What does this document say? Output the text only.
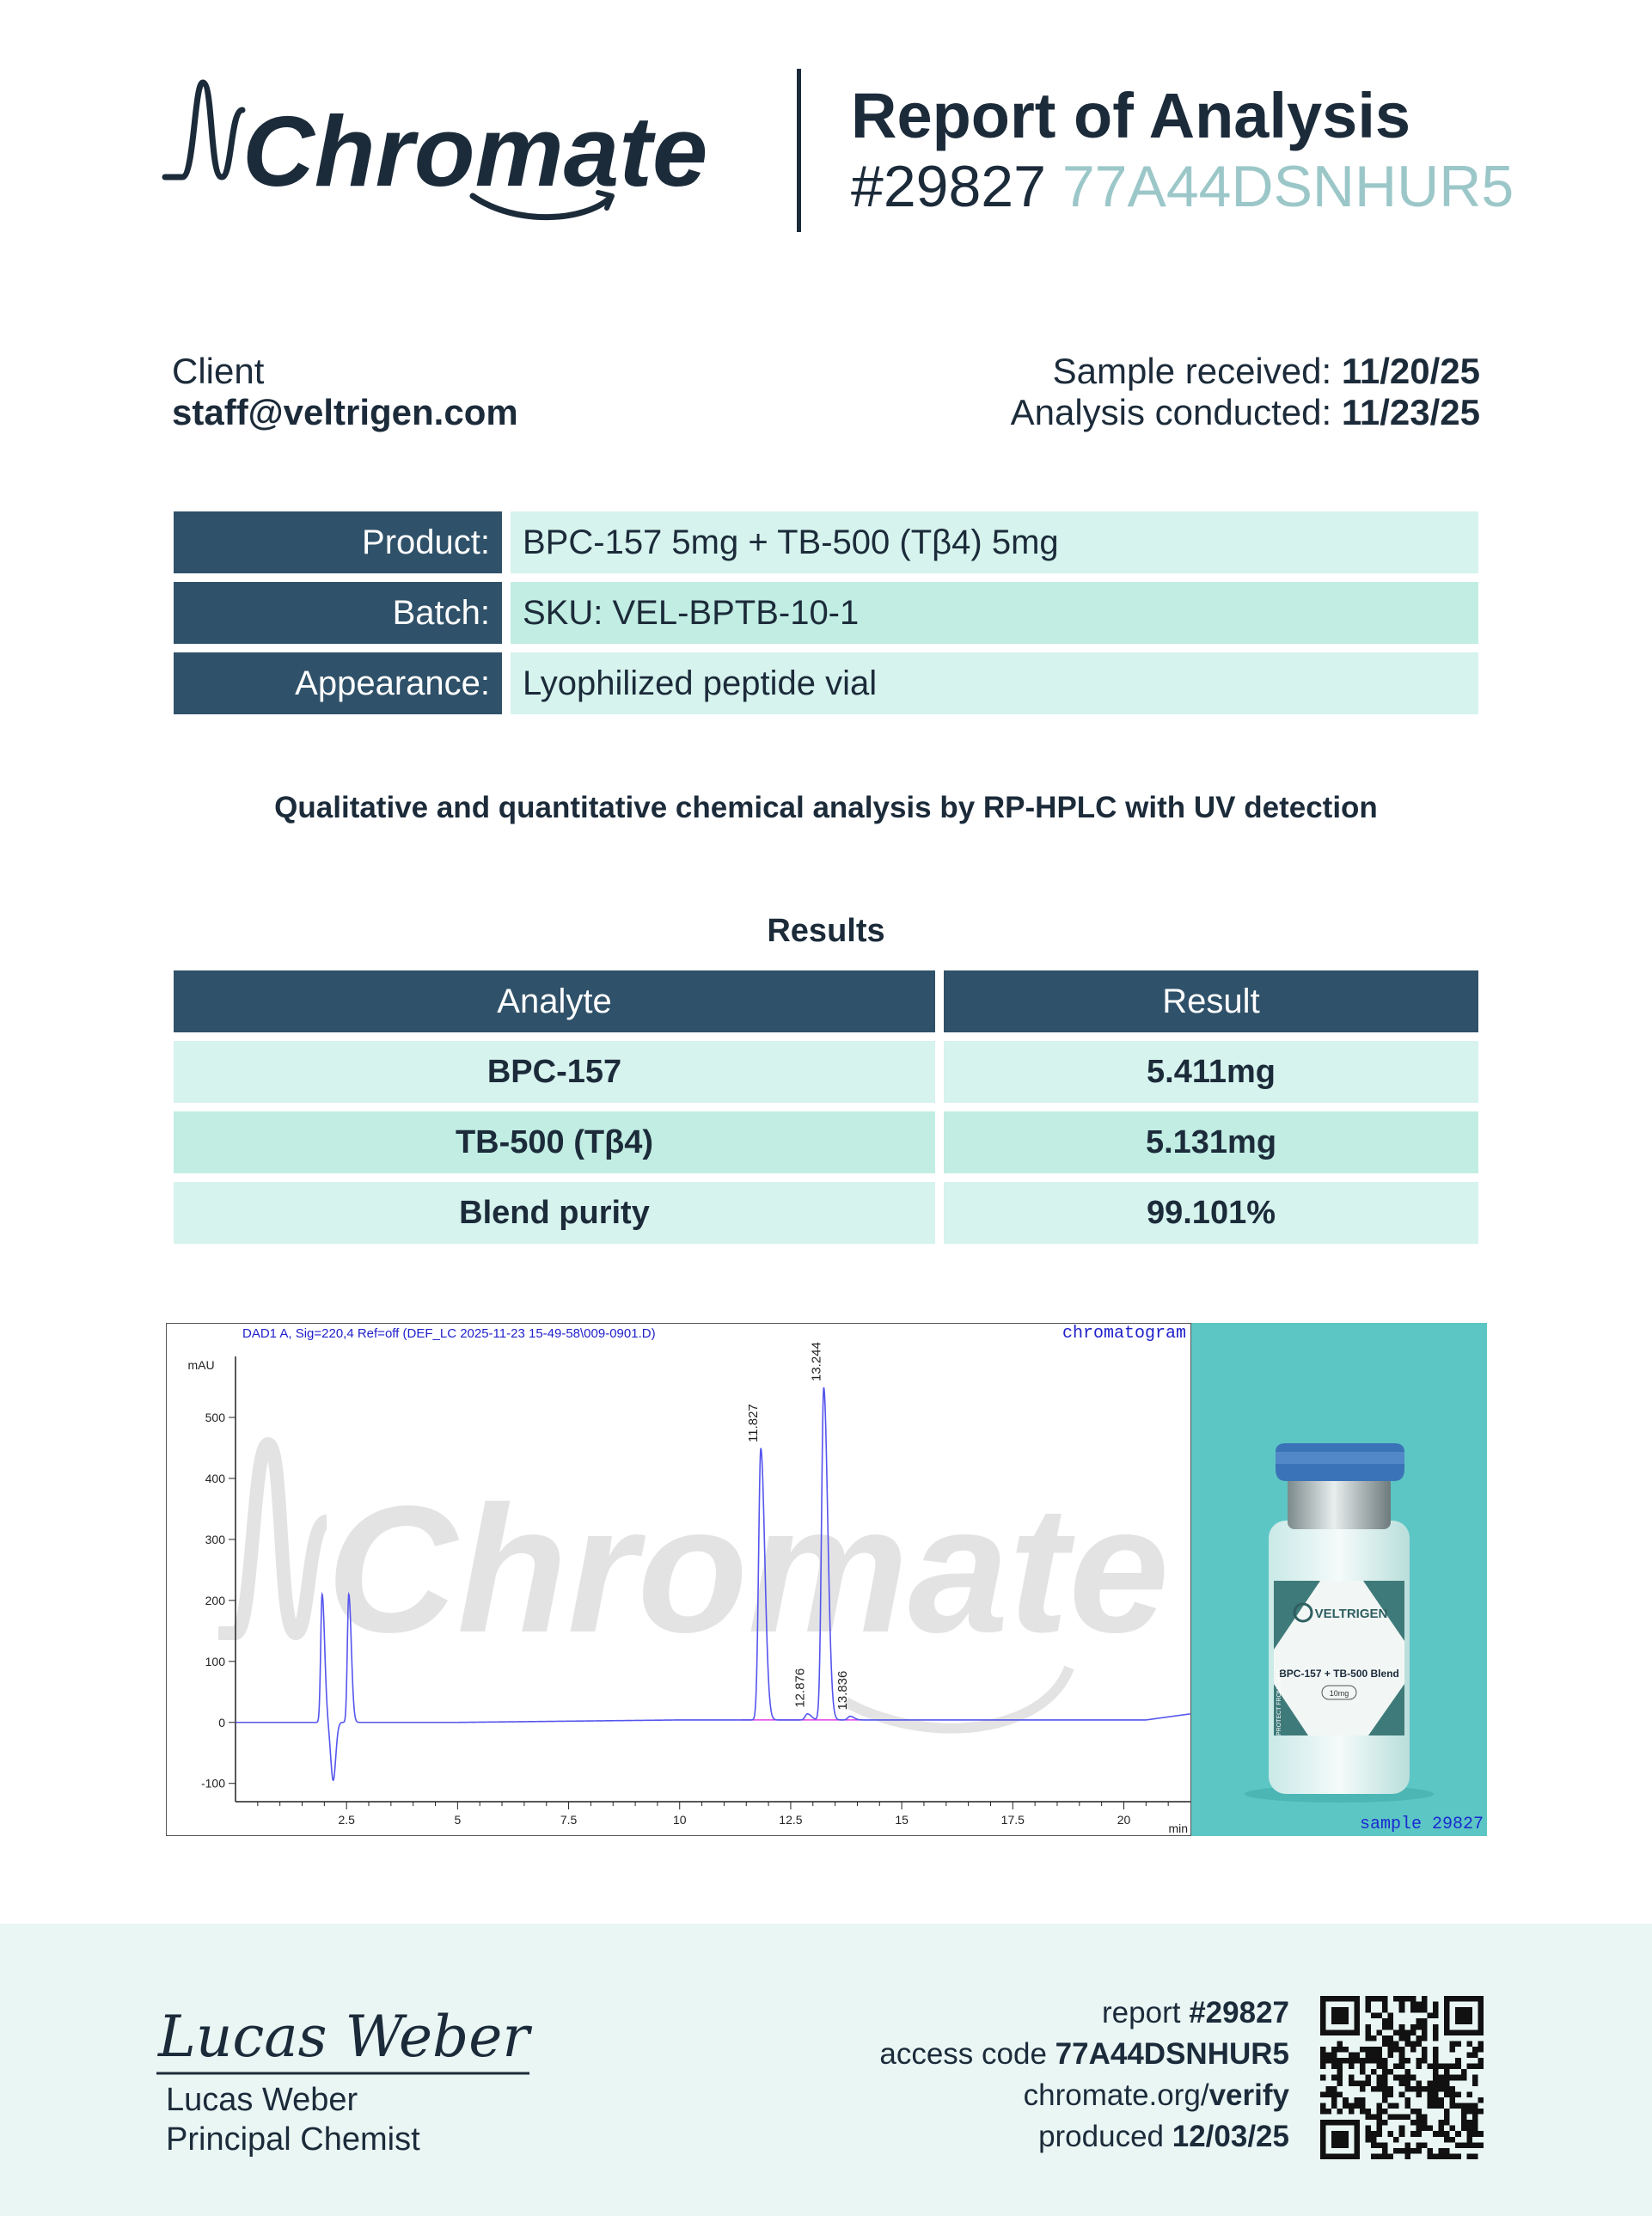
Chromate Report of Analysis
#29827 77A44DSNHUR5
Client
staff@veltrigen.com
Sample received: 11/20/25
Analysis conducted: 11/23/25
Product: BPC-157 5mg + TB-500 (Tβ4) 5mg
Batch: SKU: VEL-BPTB-10-1
Appearance: Lyophilized peptide vial
Qualitative and quantitative chemical analysis by RP-HPLC with UV detection
Results
Analyte	Result
BPC-157	5.411mg
TB-500 (Tβ4)	5.131mg
Blend purity	99.101%
Chromate
DAD1 A, Sig=220,4 Ref=off (DEF_LC 2025-11-23 15-49-58\009-0901.D)	chromatogram
mAU
-100
0
100
200
300
400
500
2.5	5	7.5	10	12.5	15	17.5	20
min
11.827
12.876
13.244
13.836
VELTRIGEN
BPC-157 + TB-500 Blend
10mg
PROTECT FROM LIGHT
sample 29827
Lucas Weber
Lucas Weber
Principal Chemist
report #29827
access code 77A44DSNHUR5
chromate.org/verify
produced 12/03/25
